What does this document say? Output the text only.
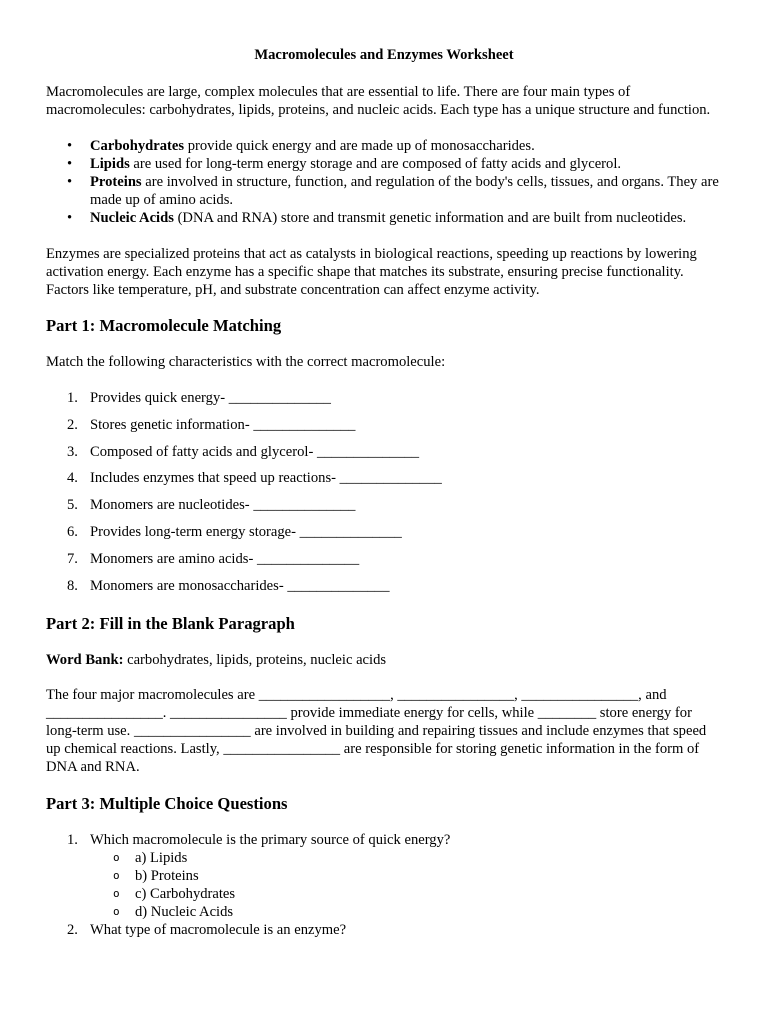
Macromolecules and Enzymes Worksheet

Macromolecules are large, complex molecules that are essential to life. There are four main types of macromolecules: carbohydrates, lipids, proteins, and nucleic acids. Each type has a unique structure and function.

• Carbohydrates provide quick energy and are made up of monosaccharides.
• Lipids are used for long-term energy storage and are composed of fatty acids and glycerol.
• Proteins are involved in structure, function, and regulation of the body's cells, tissues, and organs. They are made up of amino acids.
• Nucleic Acids (DNA and RNA) store and transmit genetic information and are built from nucleotides.

Enzymes are specialized proteins that act as catalysts in biological reactions, speeding up reactions by lowering activation energy. Each enzyme has a specific shape that matches its substrate, ensuring precise functionality. Factors like temperature, pH, and substrate concentration can affect enzyme activity.

Part 1: Macromolecule Matching

Match the following characteristics with the correct macromolecule:

1. Provides quick energy- ______________
2. Stores genetic information- ______________
3. Composed of fatty acids and glycerol- ______________
4. Includes enzymes that speed up reactions- ______________
5. Monomers are nucleotides- ______________
6. Provides long-term energy storage- ______________
7. Monomers are amino acids- ______________
8. Monomers are monosaccharides- ______________
Part 2: Fill in the Blank Paragraph

Word Bank: carbohydrates, lipids, proteins, nucleic acids

The four major macromolecules are __________________, ________________, ________________, and ________________. ________________ provide immediate energy for cells, while ________ store energy for long-term use. ________________ are involved in building and repairing tissues and include enzymes that speed up chemical reactions. Lastly, ________________ are responsible for storing genetic information in the form of DNA and RNA.

Part 3: Multiple Choice Questions
1. Which macromolecule is the primary source of quick energy?
o a) Lipids
o b) Proteins
o c) Carbohydrates
o d) Nucleic Acids
2. What type of macromolecule is an enzyme?
